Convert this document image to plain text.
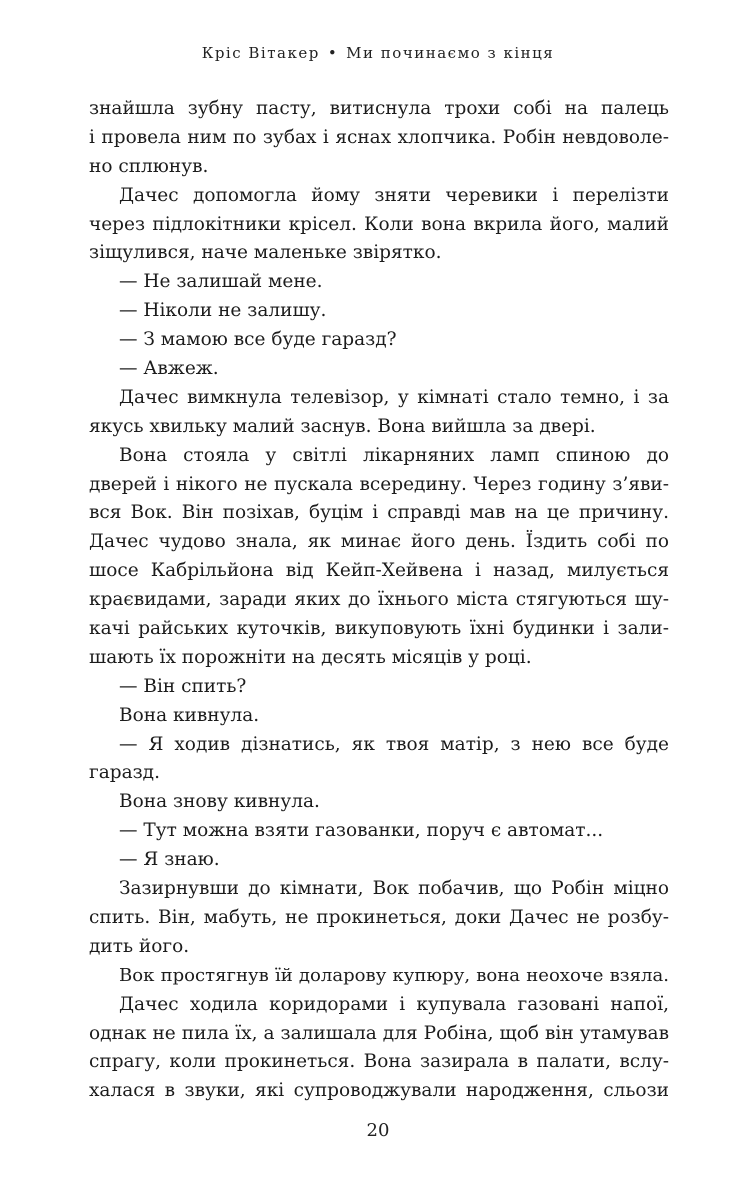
Кріс Вітакер • Ми починаємо з кінця
знайшла зубну пасту, витиснула трохи собі на палець
і провела ним по зубах і яснах хлопчика. Робін невдоволе-
но сплюнув.
Дачес допомогла йому зняти черевики і перелізти
через підлокітники крісел. Коли вона вкрила його, малий
зіщулився, наче маленьке звірятко.
— Не залишай мене.
— Ніколи не залишу.
— З мамою все буде гаразд?
— Авжеж.
Дачес вимкнула телевізор, у кімнаті стало темно, і за
якусь хвильку малий заснув. Вона вийшла за двері.
Вона стояла у світлі лікарняних ламп спиною до
дверей і нікого не пускала всередину. Через годину з’яви-
вся Вок. Він позіхав, буцім і справді мав на це причину.
Дачес чудово знала, як минає його день. Їздить собі по
шосе Кабрільйона від Кейп-Хейвена і назад, милується
краєвидами, заради яких до їхнього міста стягуються шу-
качі райських куточків, викуповують їхні будинки і зали-
шають їх порожніти на десять місяців у році.
— Він спить?
Вона кивнула.
— Я ходив дізнатись, як твоя матір, з нею все буде
гаразд.
Вона знову кивнула.
— Тут можна взяти газованки, поруч є автомат...
— Я знаю.
Зазирнувши до кімнати, Вок побачив, що Робін міцно
спить. Він, мабуть, не прокинеться, доки Дачес не розбу-
дить його.
Вок простягнув їй доларову купюру, вона неохоче взяла.
Дачес ходила коридорами і купувала газовані напої,
однак не пила їх, а залишала для Робіна, щоб він утамував
спрагу, коли прокинеться. Вона зазирала в палати, вслу-
халася в звуки, які супроводжували народження, сльози
20
